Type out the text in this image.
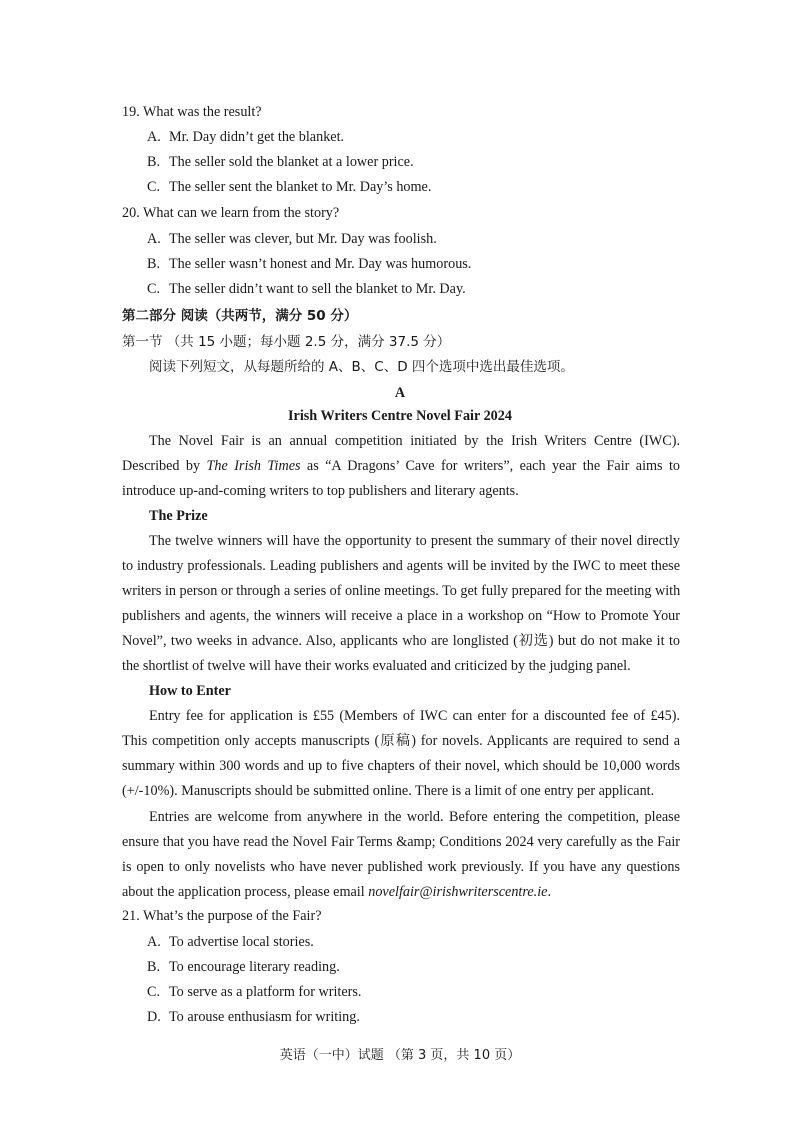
19. What was the result?
A. Mr. Day didn’t get the blanket.
B. The seller sold the blanket at a lower price.
C. The seller sent the blanket to Mr. Day’s home.
20. What can we learn from the story?
A. The seller was clever, but Mr. Day was foolish.
B. The seller wasn’t honest and Mr. Day was humorous.
C. The seller didn’t want to sell the blanket to Mr. Day.
第二部分 阅读（共两节，满分 50 分）
第一节 （共 15 小题；每小题 2.5 分，满分 37.5 分）
阅读下列短文，从每题所给的 A、B、C、D 四个选项中选出最佳选项。
A
Irish Writers Centre Novel Fair 2024
The Novel Fair is an annual competition initiated by the Irish Writers Centre (IWC).
Described by The Irish Times as “A Dragons’ Cave for writers”, each year the Fair aims to
introduce up-and-coming writers to top publishers and literary agents.
The Prize
The twelve winners will have the opportunity to present the summary of their novel directly
to industry professionals. Leading publishers and agents will be invited by the IWC to meet these
writers in person or through a series of online meetings. To get fully prepared for the meeting with
publishers and agents, the winners will receive a place in a workshop on “How to Promote Your
Novel”, two weeks in advance. Also, applicants who are longlisted (初选) but do not make it to
the shortlist of twelve will have their works evaluated and criticized by the judging panel.
How to Enter
Entry fee for application is £55 (Members of IWC can enter for a discounted fee of £45).
This competition only accepts manuscripts (原稿) for novels. Applicants are required to send a
summary within 300 words and up to five chapters of their novel, which should be 10,000 words
(+/-10%). Manuscripts should be submitted online. There is a limit of one entry per applicant.
Entries are welcome from anywhere in the world. Before entering the competition, please
ensure that you have read the Novel Fair Terms &amp; Conditions 2024 very carefully as the Fair
is open to only novelists who have never published work previously. If you have any questions
about the application process, please email novelfair@irishwriterscentre.ie.
21. What’s the purpose of the Fair?
A. To advertise local stories.
B. To encourage literary reading.
C. To serve as a platform for writers.
D. To arouse enthusiasm for writing.
英语（一中）试题 （第 3 页，共 10 页）
